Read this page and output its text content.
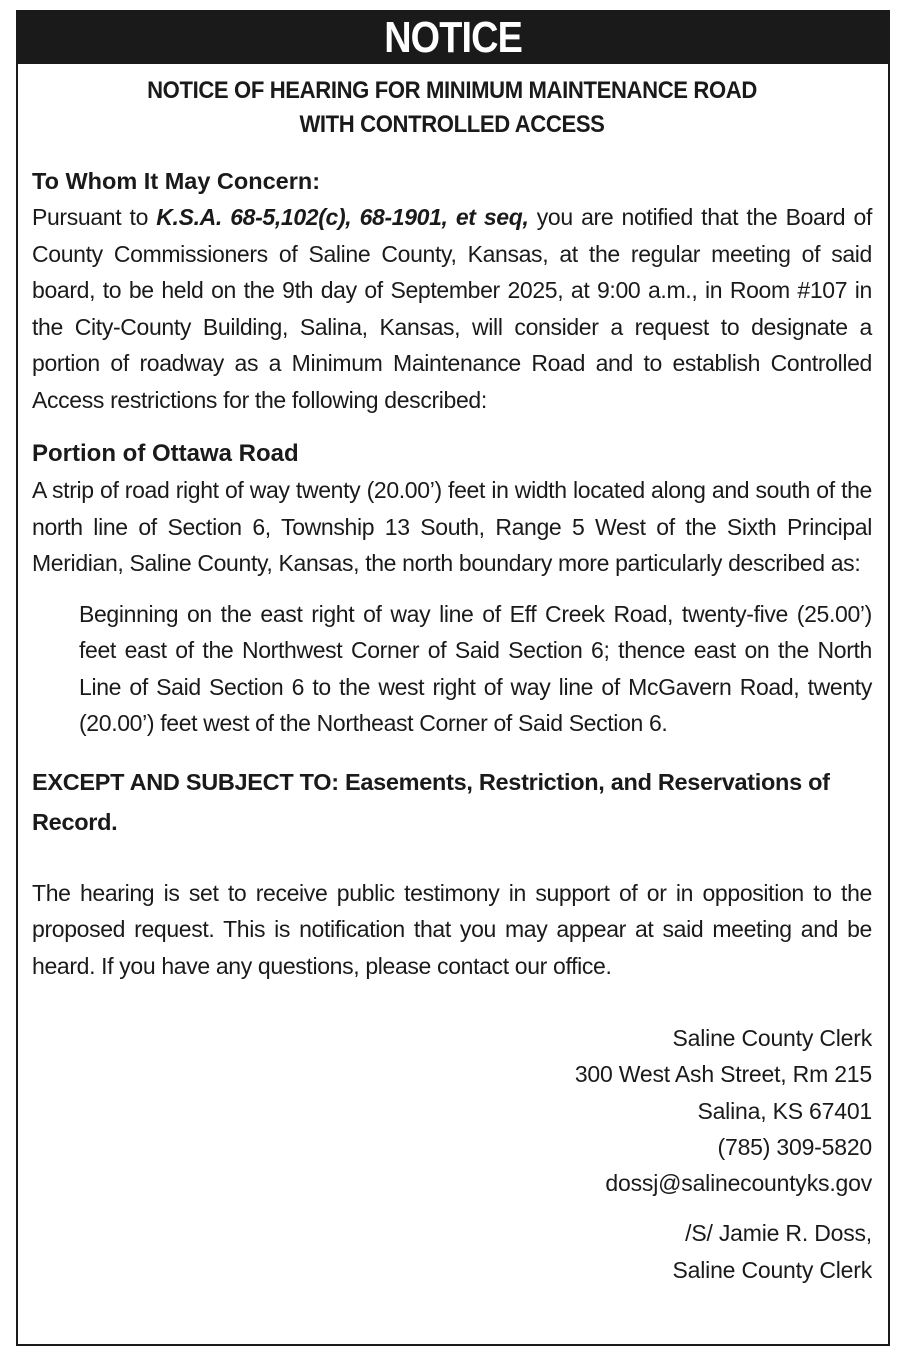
NOTICE
NOTICE OF HEARING FOR MINIMUM MAINTENANCE ROAD
WITH CONTROLLED ACCESS
To Whom It May Concern:
Pursuant to K.S.A. 68-5,102(c), 68-1901, et seq, you are notified that the Board of County Commissioners of Saline County, Kansas, at the regular meeting of said board, to be held on the 9th day of September 2025, at 9:00 a.m., in Room #107 in the City-County Building, Salina, Kansas, will consider a request to designate a portion of roadway as a Minimum Maintenance Road and to establish Controlled Access restrictions for the following described:
Portion of Ottawa Road
A strip of road right of way twenty (20.00’) feet in width located along and south of the north line of Section 6, Township 13 South, Range 5 West of the Sixth Principal Meridian, Saline County, Kansas, the north boundary more particularly described as:
Beginning on the east right of way line of Eff Creek Road, twenty-five (25.00’) feet east of the Northwest Corner of Said Section 6; thence east on the North Line of Said Section 6 to the west right of way line of McGavern Road, twenty (20.00’) feet west of the Northeast Corner of Said Section 6.
EXCEPT AND SUBJECT TO: Easements, Restriction, and Reservations of Record.
The hearing is set to receive public testimony in support of or in opposition to the proposed request. This is notification that you may appear at said meeting and be heard. If you have any questions, please contact our office.
Saline County Clerk
300 West Ash Street, Rm 215
Salina, KS 67401
(785) 309-5820
dossj@salinecountyks.gov
/S/ Jamie R. Doss,
Saline County Clerk
